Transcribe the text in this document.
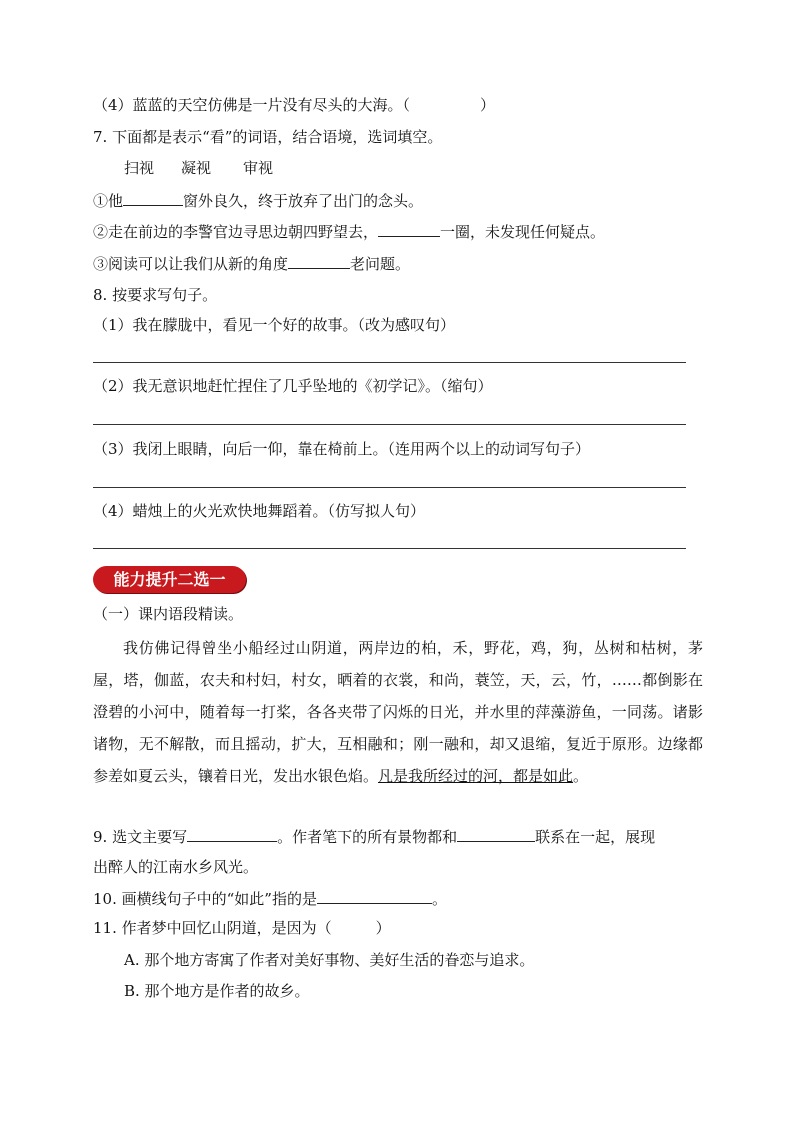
（4）蓝蓝的天空仿佛是一片没有尽头的大海。（	）
7. 下面都是表示“看”的词语，结合语境，选词填空。
扫视 凝视 审视
①他	窗外良久，终于放弃了出门的念头。
②走在前边的李警官边寻思边朝四野望去，	一圈，未发现任何疑点。
③阅读可以让我们从新的角度	老问题。
8. 按要求写句子。
（1）我在朦胧中，看见一个好的故事。（改为感叹句）
（2）我无意识地赶忙捏住了几乎坠地的《初学记》。（缩句）
（3）我闭上眼睛，向后一仰，靠在椅前上。（连用两个以上的动词写句子）
（4）蜡烛上的火光欢快地舞蹈着。（仿写拟人句）
能力提升二选一
（一）课内语段精读。
我仿佛记得曾坐小船经过山阴道，两岸边的柏，禾，野花，鸡，狗，丛树和枯树，茅屋，塔，伽蓝，农夫和村妇，村女，晒着的衣裳，和尚，蓑笠，天，云，竹，……都倒影在澄碧的小河中，随着每一打桨，各各夹带了闪烁的日光，并水里的萍藻游鱼，一同荡。诸影诸物，无不解散，而且摇动，扩大，互相融和；刚一融和，却又退缩，复近于原形。边缘都参差如夏云头，镶着日光，发出水银色焰。凡是我所经过的河，都是如此。
9. 选文主要写	。作者笔下的所有景物都和	联系在一起，展现
出醉人的江南水乡风光。
10. 画横线句子中的“如此”指的是	。
11. 作者梦中回忆山阴道，是因为（	）
A. 那个地方寄寓了作者对美好事物、美好生活的眷恋与追求。
B. 那个地方是作者的故乡。
